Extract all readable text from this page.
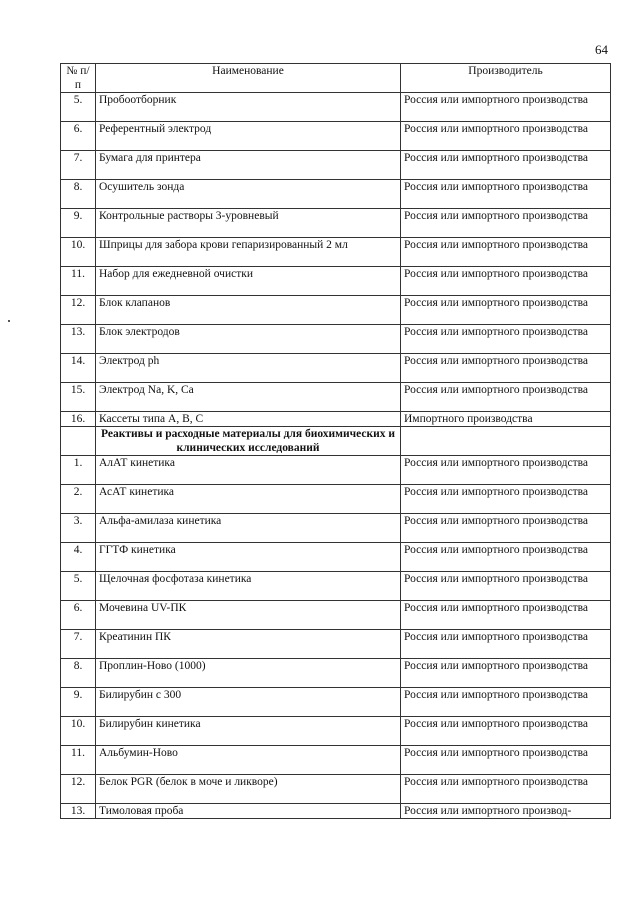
64
№ п/п	Наименование	Производитель
5.	Пробоотборник	Россия или импортного производства
6.	Референтный электрод	Россия или импортного производства
7.	Бумага для принтера	Россия или импортного производства
8.	Осушитель зонда	Россия или импортного производства
9.	Контрольные растворы 3-уровневый	Россия или импортного производства
10.	Шприцы для забора крови гепаризированный 2 мл	Россия или импортного производства
11.	Набор для ежедневной очистки	Россия или импортного производства
12.	Блок клапанов	Россия или импортного производства
13.	Блок электродов	Россия или импортного производства
14.	Электрод ph	Россия или импортного производства
15.	Электрод Na, K, Ca	Россия или импортного производства
16.	Кассеты типа A, B, C	Импортного производства
	Реактивы и расходные материалы для биохимических и клинических исследований	
1.	АлАТ кинетика	Россия или импортного производства
2.	АсАТ кинетика	Россия или импортного производства
3.	Альфа-амилаза кинетика	Россия или импортного производства
4.	ГГТФ кинетика	Россия или импортного производства
5.	Щелочная фосфотаза кинетика	Россия или импортного производства
6.	Мочевина UV-ПК	Россия или импортного производства
7.	Креатинин ПК	Россия или импортного производства
8.	Проплин-Ново (1000)	Россия или импортного производства
9.	Билирубин с 300	Россия или импортного производства
10.	Билирубин кинетика	Россия или импортного производства
11.	Альбумин-Ново	Россия или импортного производства
12.	Белок PGR (белок в моче и ликворе)	Россия или импортного производства
13.	Тимоловая проба	Россия или импортного производ-
